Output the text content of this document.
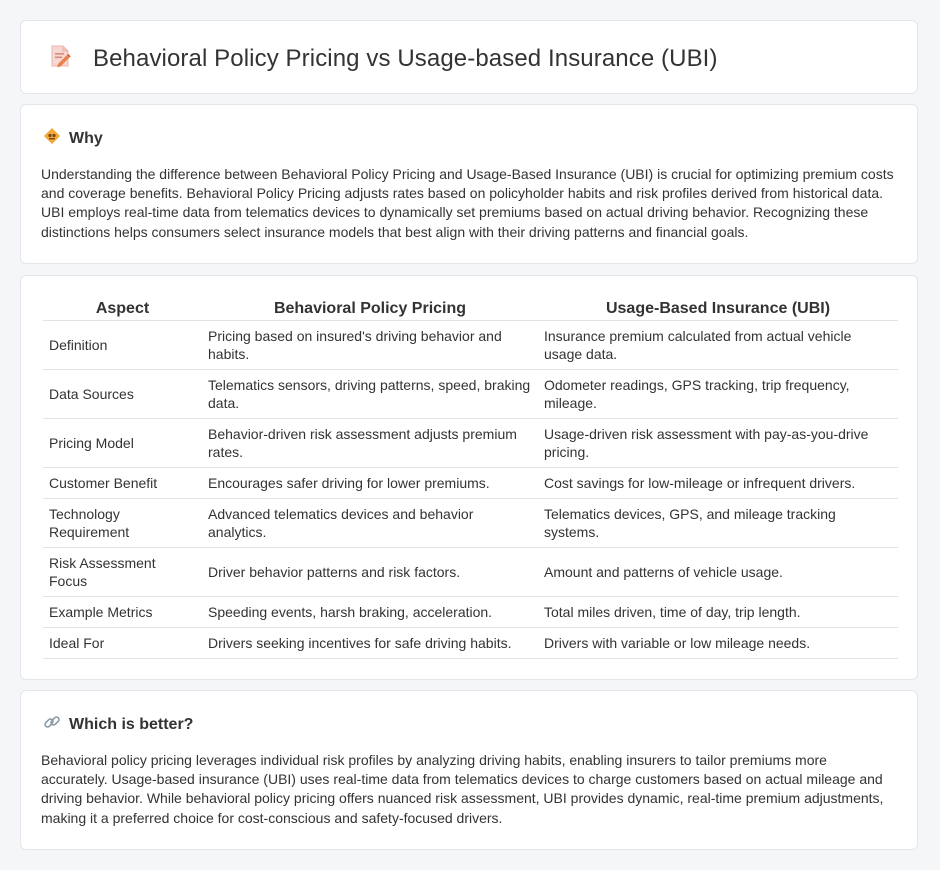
Behavioral Policy Pricing vs Usage-based Insurance (UBI)
Why
Understanding the difference between Behavioral Policy Pricing and Usage-Based Insurance (UBI) is crucial for optimizing premium costs and coverage benefits. Behavioral Policy Pricing adjusts rates based on policyholder habits and risk profiles derived from historical data. UBI employs real-time data from telematics devices to dynamically set premiums based on actual driving behavior. Recognizing these distinctions helps consumers select insurance models that best align with their driving patterns and financial goals.
Aspect	Behavioral Policy Pricing	Usage-Based Insurance (UBI)
Definition	Pricing based on insured's driving behavior and habits.	Insurance premium calculated from actual vehicle usage data.
Data Sources	Telematics sensors, driving patterns, speed, braking data.	Odometer readings, GPS tracking, trip frequency, mileage.
Pricing Model	Behavior-driven risk assessment adjusts premium rates.	Usage-driven risk assessment with pay-as-you-drive pricing.
Customer Benefit	Encourages safer driving for lower premiums.	Cost savings for low-mileage or infrequent drivers.
Technology Requirement	Advanced telematics devices and behavior analytics.	Telematics devices, GPS, and mileage tracking systems.
Risk Assessment Focus	Driver behavior patterns and risk factors.	Amount and patterns of vehicle usage.
Example Metrics	Speeding events, harsh braking, acceleration.	Total miles driven, time of day, trip length.
Ideal For	Drivers seeking incentives for safe driving habits.	Drivers with variable or low mileage needs.
Which is better?
Behavioral policy pricing leverages individual risk profiles by analyzing driving habits, enabling insurers to tailor premiums more accurately. Usage-based insurance (UBI) uses real-time data from telematics devices to charge customers based on actual mileage and driving behavior. While behavioral policy pricing offers nuanced risk assessment, UBI provides dynamic, real-time premium adjustments, making it a preferred choice for cost-conscious and safety-focused drivers.
